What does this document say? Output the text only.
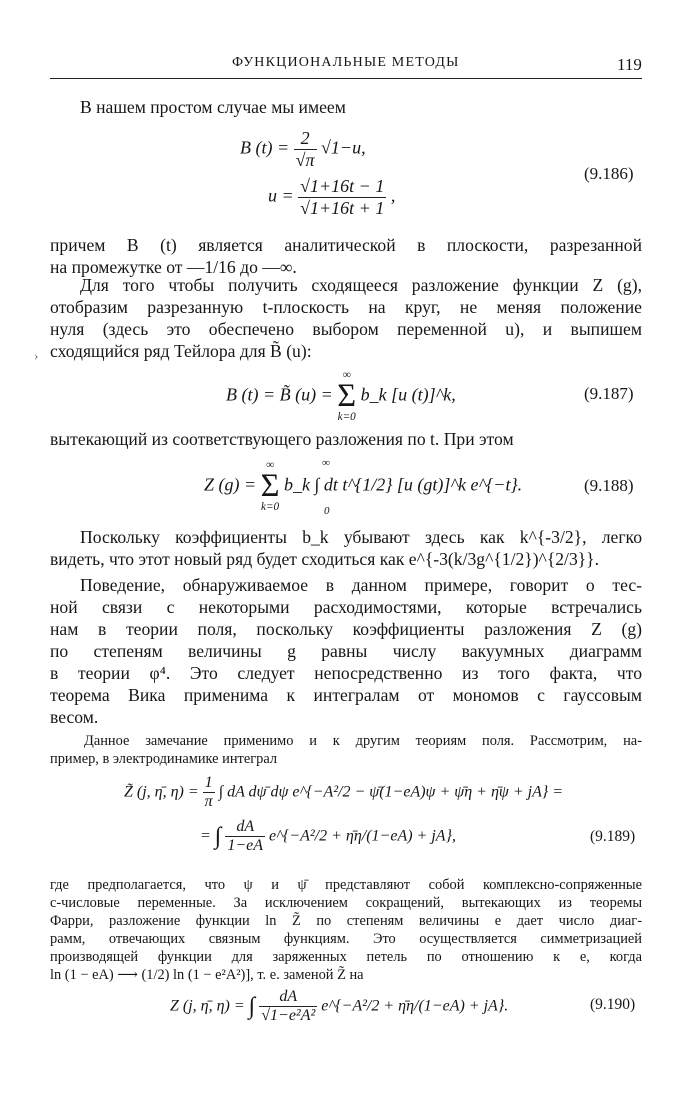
ФУНКЦИОНАЛЬНЫЕ МЕТОДЫ	119
В нашем простом случае мы имеем
B $(t) = \frac{2}{√\pi} √1-u$,
$u = \frac{√1+16t - 1}{√1+16t + 1}$ ,
(9.186)
причем B (t) является аналитической в плоскости, разрезанной
на промежутке от —1/16 до —∞.
Для того чтобы получить сходящееся разложение функции Z (g),
отобразим разрезанную t-плоскость на круг, не меняя положение
нуля (здесь это обеспечено выбором переменной u), и выпишем
сходящийся ряд Тейлора для B̃ (u):
›
B (t) = B̃ (u) =
∞
Σ
k=0
b_k [u (t)]^k,	(9.187)
вытекающий из соответствующего разложения по t. При этом
Z (g) =
∞
Σ
k=0
b_k ∫ dt t^{1/2} [u (gt)]^k e^{−t}.
∞
0
(9.188)
Поскольку коэффициенты b_k убывают здесь как k^{-3/2}, легко
видеть, что этот новый ряд будет сходиться как e^{-3(k/3g^{1/2})^{2/3}}.
Поведение, обнаруживаемое в данном примере, говорит о тес-
ной связи с некоторыми расходимостями, которые встречались
нам в теории поля, поскольку коэффициенты разложения Z (g)
по степеням величины g равны числу вакуумных диаграмм
в теории φ⁴. Это следует непосредственно из того факта, что
теорема Вика применима к интегралам от мономов с гауссовым
весом.
Данное замечание применимо и к другим теориям поля. Рассмотрим, на-
пример, в электродинамике интеграл
Z̃ (j, η̄, $\eta) = \frac{1}{\pi}$ ∫ dA dψ̄ dψ e^{−A²/2 − ψ̄(1−eA)ψ + ψ̄η + η̄ψ + jA} =
= ∫ $\frac{dA}{1-eA}$ e^{−A²/2 + η̄η/(1−eA) + jA},	(9.189)
где предполагается, что ψ и ψ̄ представляют собой комплексно-сопряженные
c-числовые переменные. За исключением сокращений, вытекающих из теоремы
Фарри, разложение функции ln Z̃ по степеням величины e дает число диаг-
рамм, отвечающих связным функциям. Это осуществляется симметризацией
производящей функции для заряженных петель по отношению к e, когда
ln (1 − eA) ⟶ (1/2) ln (1 − e²A²)], т. е. заменой Z̃ на
Z (j, η̄, η) = ∫ $\frac{dA}{\text{√1−e²A²}}$ e^{−A²/2 + η̄η/(1−eA) + jA}.	(9.190)
